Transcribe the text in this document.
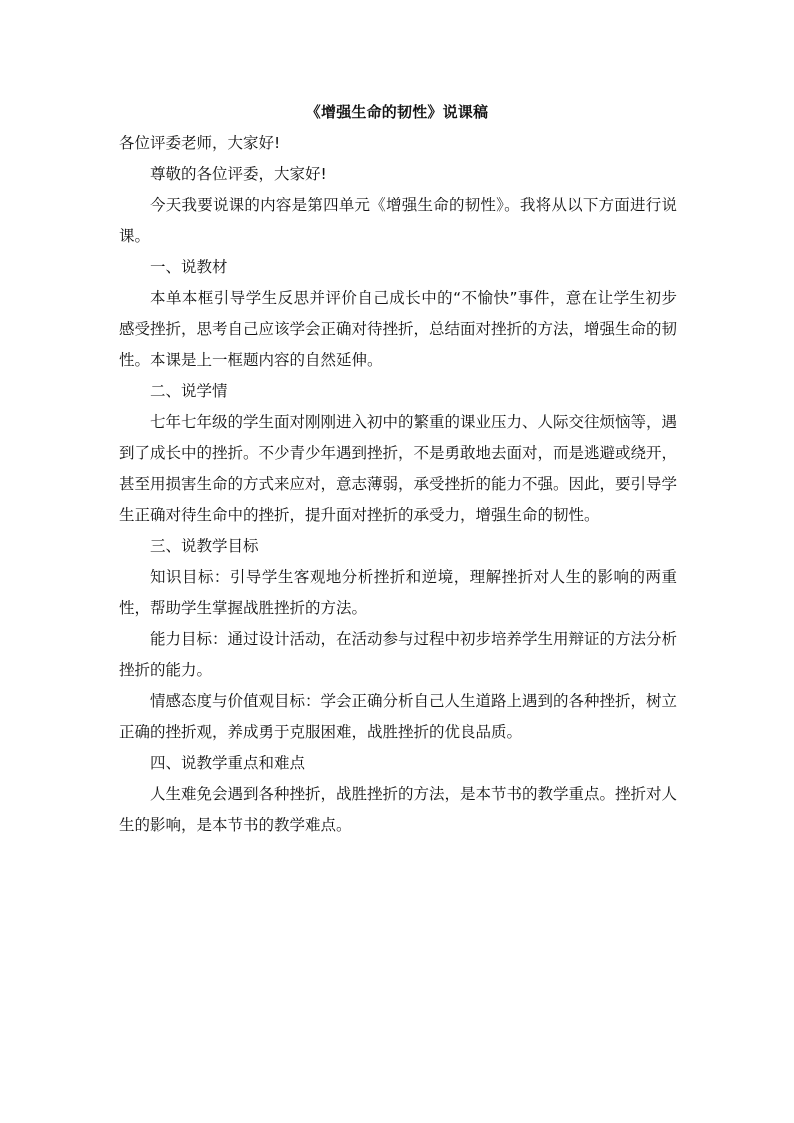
《增强生命的韧性》说课稿

各位评委老师，大家好!

尊敬的各位评委，大家好!

今天我要说课的内容是第四单元《增强生命的韧性》。我将从以下方面进行说课。

一、说教材

本单本框引导学生反思并评价自己成长中的“不愉快”事件，意在让学生初步感受挫折，思考自己应该学会正确对待挫折，总结面对挫折的方法，增强生命的韧性。本课是上一框题内容的自然延伸。

二、说学情

七年七年级的学生面对刚刚进入初中的繁重的课业压力、人际交往烦恼等，遇到了成长中的挫折。不少青少年遇到挫折，不是勇敢地去面对，而是逃避或绕开，甚至用损害生命的方式来应对，意志薄弱，承受挫折的能力不强。因此，要引导学生正确对待生命中的挫折，提升面对挫折的承受力，增强生命的韧性。

三、说教学目标

知识目标：引导学生客观地分析挫折和逆境，理解挫折对人生的影响的两重性，帮助学生掌握战胜挫折的方法。

能力目标：通过设计活动，在活动参与过程中初步培养学生用辩证的方法分析挫折的能力。

情感态度与价值观目标：学会正确分析自己人生道路上遇到的各种挫折，树立正确的挫折观，养成勇于克服困难，战胜挫折的优良品质。

四、说教学重点和难点

人生难免会遇到各种挫折，战胜挫折的方法，是本节书的教学重点。挫折对人生的影响，是本节书的教学难点。
